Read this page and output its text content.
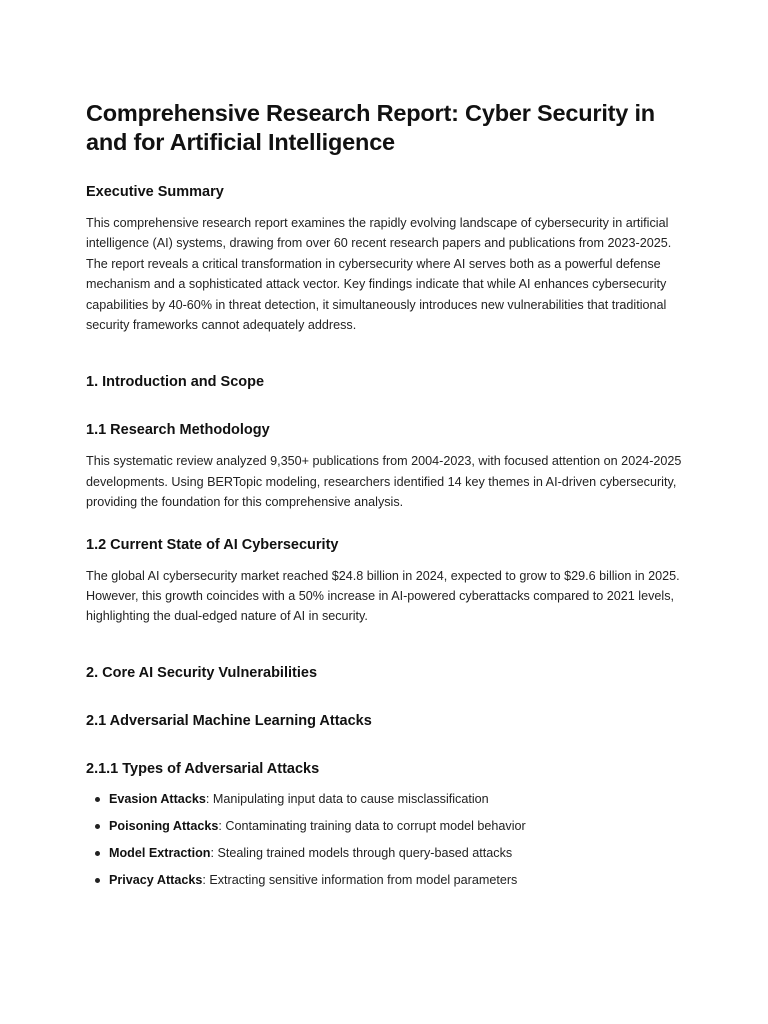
Comprehensive Research Report: Cyber Security in and for Artificial Intelligence
Executive Summary

This comprehensive research report examines the rapidly evolving landscape of cybersecurity in artificial intelligence (AI) systems, drawing from over 60 recent research papers and publications from 2023-2025. The report reveals a critical transformation in cybersecurity where AI serves both as a powerful defense mechanism and a sophisticated attack vector. Key findings indicate that while AI enhances cybersecurity capabilities by 40-60% in threat detection, it simultaneously introduces new vulnerabilities that traditional security frameworks cannot adequately address.

1. Introduction and Scope
1.1 Research Methodology

This systematic review analyzed 9,350+ publications from 2004-2023, with focused attention on 2024-2025 developments. Using BERTopic modeling, researchers identified 14 key themes in AI-driven cybersecurity, providing the foundation for this comprehensive analysis.

1.2 Current State of AI Cybersecurity

The global AI cybersecurity market reached $24.8 billion in 2024, expected to grow to $29.6 billion in 2025. However, this growth coincides with a 50% increase in AI-powered cyberattacks compared to 2021 levels, highlighting the dual-edged nature of AI in security.

2. Core AI Security Vulnerabilities
2.1 Adversarial Machine Learning Attacks
2.1.1 Types of Adversarial Attacks
Evasion Attacks: Manipulating input data to cause misclassification
Poisoning Attacks: Contaminating training data to corrupt model behavior
Model Extraction: Stealing trained models through query-based attacks
Privacy Attacks: Extracting sensitive information from model parameters
